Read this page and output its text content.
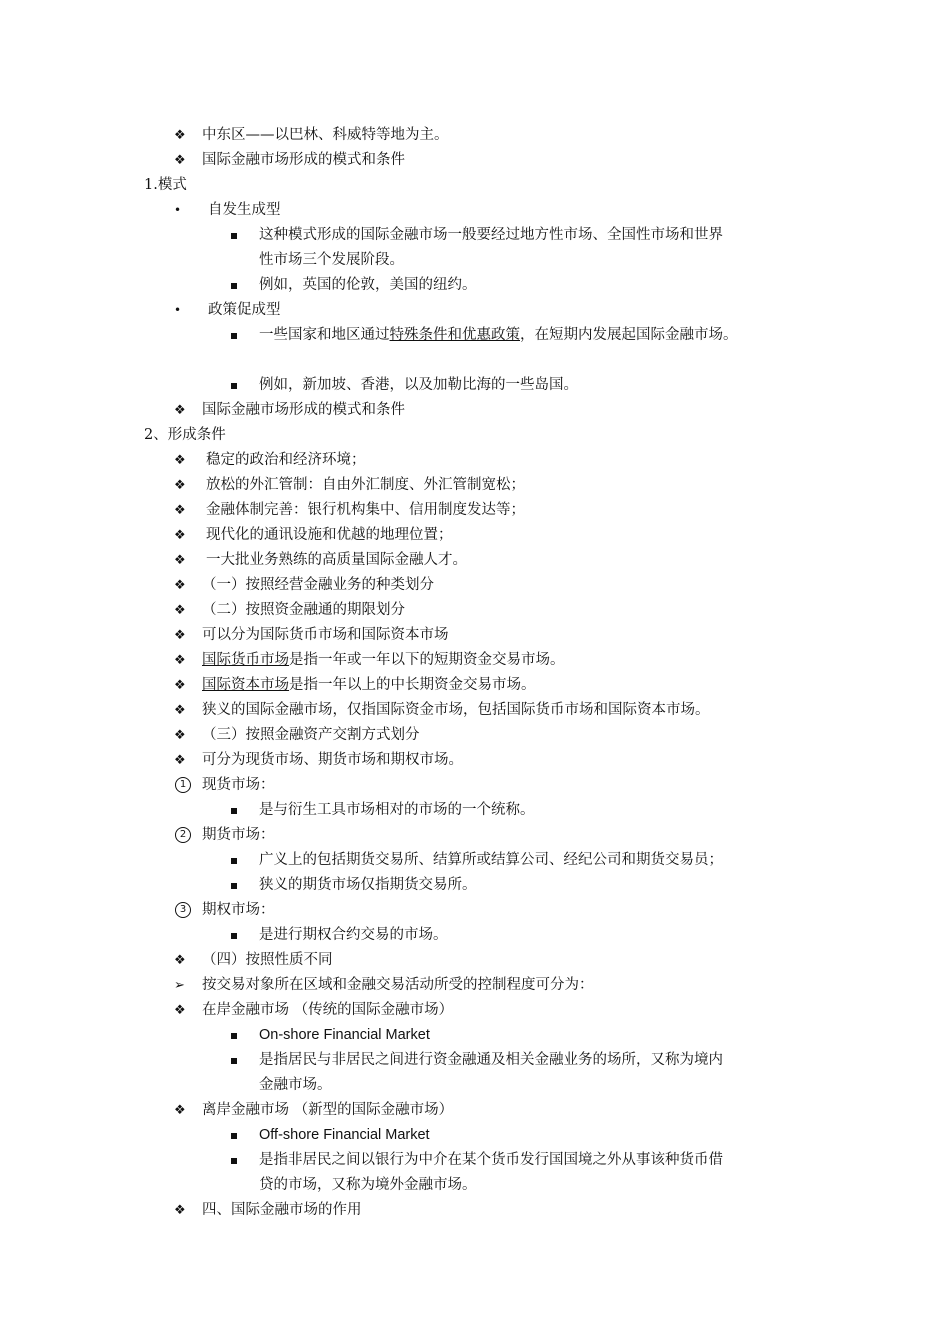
❖ 中东区——以巴林、科威特等地为主。
❖ 国际金融市场形成的模式和条件
1.模式
• 自发生成型
这种模式形成的国际金融市场一般要经过地方性市场、全国性市场和世界
性市场三个发展阶段。
例如，英国的伦敦，美国的纽约。
• 政策促成型
一些国家和地区通过特殊条件和优惠政策，在短期内发展起国际金融市场。
例如，新加坡、香港，以及加勒比海的一些岛国。
❖ 国际金融市场形成的模式和条件
2、形成条件
❖ 稳定的政治和经济环境；
❖ 放松的外汇管制：自由外汇制度、外汇管制宽松；
❖ 金融体制完善：银行机构集中、信用制度发达等；
❖ 现代化的通讯设施和优越的地理位置；
❖ 一大批业务熟练的高质量国际金融人才。
❖ （一）按照经营金融业务的种类划分
❖ （二）按照资金融通的期限划分
❖ 可以分为国际货币市场和国际资本市场
❖ 国际货币市场是指一年或一年以下的短期资金交易市场。
❖ 国际资本市场是指一年以上的中长期资金交易市场。
❖ 狭义的国际金融市场，仅指国际资金市场，包括国际货币市场和国际资本市场。
❖ （三）按照金融资产交割方式划分
❖ 可分为现货市场、期货市场和期权市场。
1	现货市场：
是与衍生工具市场相对的市场的一个统称。
2	期货市场：
广义上的包括期货交易所、结算所或结算公司、经纪公司和期货交易员；
狭义的期货市场仅指期货交易所。
3	期权市场：
是进行期权合约交易的市场。
❖ （四）按照性质不同
➢ 按交易对象所在区域和金融交易活动所受的控制程度可分为：
❖ 在岸金融市场 （传统的国际金融市场）
On-shore Financial Market
是指居民与非居民之间进行资金融通及相关金融业务的场所，又称为境内
金融市场。
❖ 离岸金融市场 （新型的国际金融市场）
Off-shore Financial Market
是指非居民之间以银行为中介在某个货币发行国国境之外从事该种货币借
贷的市场，又称为境外金融市场。
❖ 四、国际金融市场的作用
